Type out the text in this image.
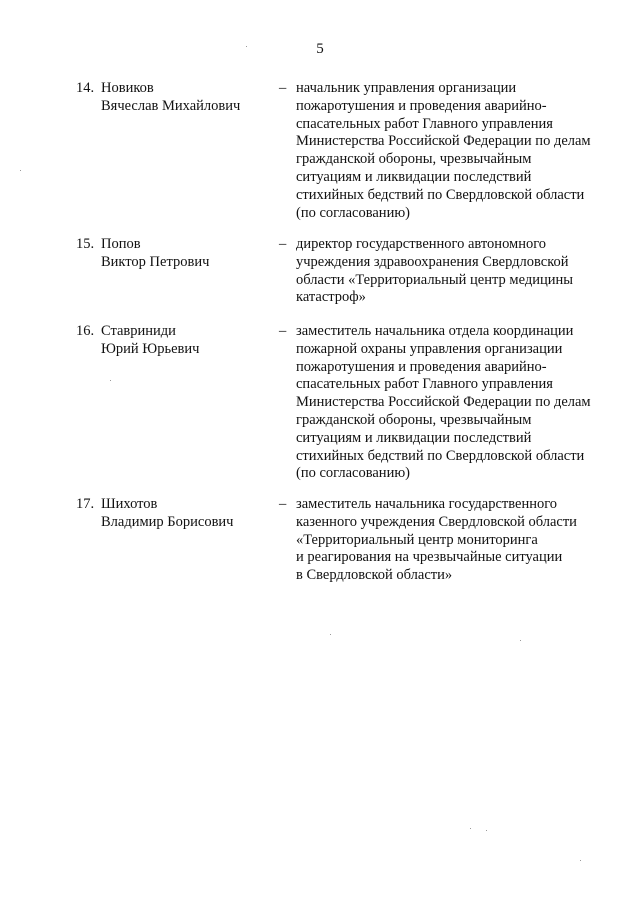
5
14. Новиков
Вячеслав Михайлович
– начальник управления организации
пожаротушения и проведения аварийно-
спасательных работ Главного управления
Министерства Российской Федерации по делам
гражданской обороны, чрезвычайным
ситуациям и ликвидации последствий
стихийных бедствий по Свердловской области
(по согласованию)
15. Попов
Виктор Петрович
– директор государственного автономного
учреждения здравоохранения Свердловской
области «Территориальный центр медицины
катастроф»
16. Ставриниди
Юрий Юрьевич
– заместитель начальника отдела координации
пожарной охраны управления организации
пожаротушения и проведения аварийно-
спасательных работ Главного управления
Министерства Российской Федерации по делам
гражданской обороны, чрезвычайным
ситуациям и ликвидации последствий
стихийных бедствий по Свердловской области
(по согласованию)
17. Шихотов
Владимир Борисович
– заместитель начальника государственного
казенного учреждения Свердловской области
«Территориальный центр мониторинга
и реагирования на чрезвычайные ситуации
в Свердловской области»
